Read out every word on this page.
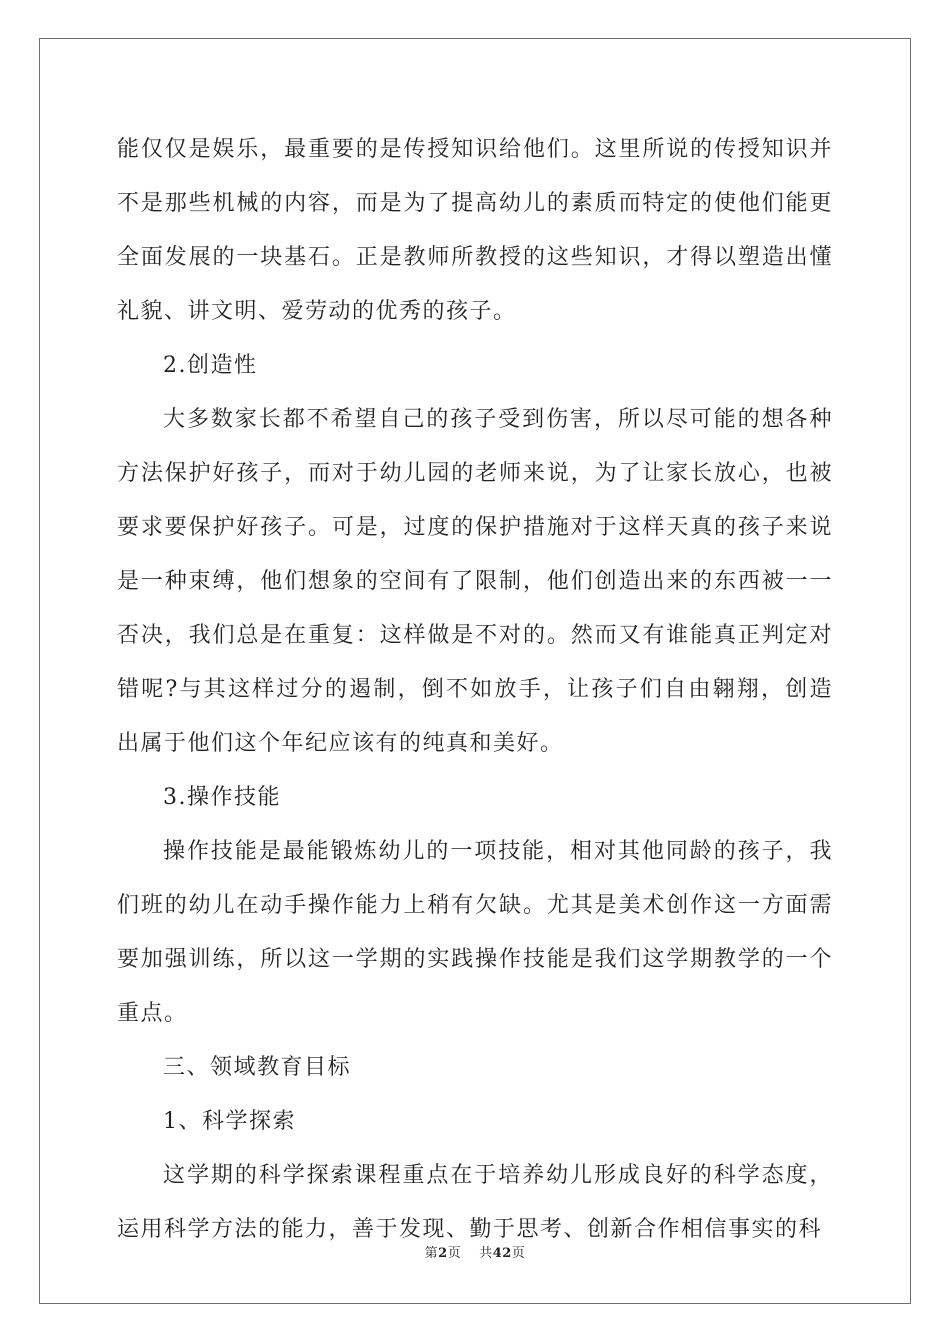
能仅仅是娱乐，最重要的是传授知识给他们。这里所说的传授知识并不是那些机械的内容，而是为了提高幼儿的素质而特定的使他们能更全面发展的一块基石。正是教师所教授的这些知识，才得以塑造出懂礼貌、讲文明、爱劳动的优秀的孩子。

2.创造性

大多数家长都不希望自己的孩子受到伤害，所以尽可能的想各种方法保护好孩子，而对于幼儿园的老师来说，为了让家长放心，也被要求要保护好孩子。可是，过度的保护措施对于这样天真的孩子来说是一种束缚，他们想象的空间有了限制，他们创造出来的东西被一一否决，我们总是在重复：这样做是不对的。然而又有谁能真正判定对错呢?与其这样过分的遏制，倒不如放手，让孩子们自由翱翔，创造出属于他们这个年纪应该有的纯真和美好。

3.操作技能

操作技能是最能锻炼幼儿的一项技能，相对其他同龄的孩子，我们班的幼儿在动手操作能力上稍有欠缺。尤其是美术创作这一方面需要加强训练，所以这一学期的实践操作技能是我们这学期教学的一个重点。

三、领域教育目标

1、科学探索

这学期的科学探索课程重点在于培养幼儿形成良好的科学态度，运用科学方法的能力，善于发现、勤于思考、创新合作相信事实的科

第2页 共42页
